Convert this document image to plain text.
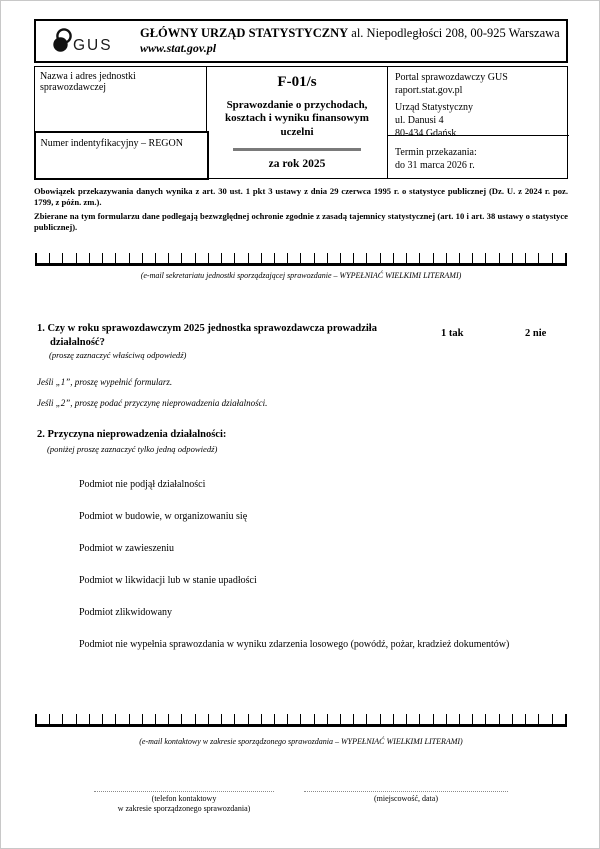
GUS
GŁÓWNY URZĄD STATYSTYCZNY al. Niepodległości 208, 00-925 Warszawa
www.stat.gov.pl
Nazwa i adres jednostki sprawozdawczej
Numer indentyfikacyjny – REGON
F-01/s
Sprawozdanie o przychodach, kosztach i wyniku finansowym uczelni
za rok 2025
Portal sprawozdawczy GUS
raport.stat.gov.pl
Urząd Statystyczny
ul. Danusi 4
80-434 Gdańsk
Termin przekazania:
do 31 marca 2026 r.
Obowiązek przekazywania danych wynika z art. 30 ust. 1 pkt 3 ustawy z dnia 29 czerwca 1995 r. o statystyce publicznej (Dz. U. z 2024 r. poz. 1799, z późn. zm.).
Zbierane na tym formularzu dane podlegają bezwzględnej ochronie zgodnie z zasadą tajemnicy statystycznej (art. 10 i art. 38 ustawy o statystyce publicznej).
(e-mail sekretariatu jednostki sporządzającej sprawozdanie – WYPEŁNIAĆ WIELKIMI LITERAMI)
1. Czy w roku sprawozdawczym 2025 jednostka sprawozdawcza prowadziła działalność?
1 tak	2 nie
(proszę zaznaczyć właściwą odpowiedź)
Jeśli „1”, proszę wypełnić formularz.
Jeśli „2”, proszę podać przyczynę nieprowadzenia działalności.
2. Przyczyna nieprowadzenia działalności:
(poniżej proszę zaznaczyć tylko jedną odpowiedź)
Podmiot nie podjął działalności
Podmiot w budowie, w organizowaniu się
Podmiot w zawieszeniu
Podmiot w likwidacji lub w stanie upadłości
Podmiot zlikwidowany
Podmiot nie wypełnia sprawozdania w wyniku zdarzenia losowego (powódź, pożar, kradzież dokumentów)
(e-mail kontaktowy w zakresie sporządzonego sprawozdania – WYPEŁNIAĆ WIELKIMI LITERAMI)
(telefon kontaktowy
w zakresie sporządzonego sprawozdania)
(miejscowość, data)
